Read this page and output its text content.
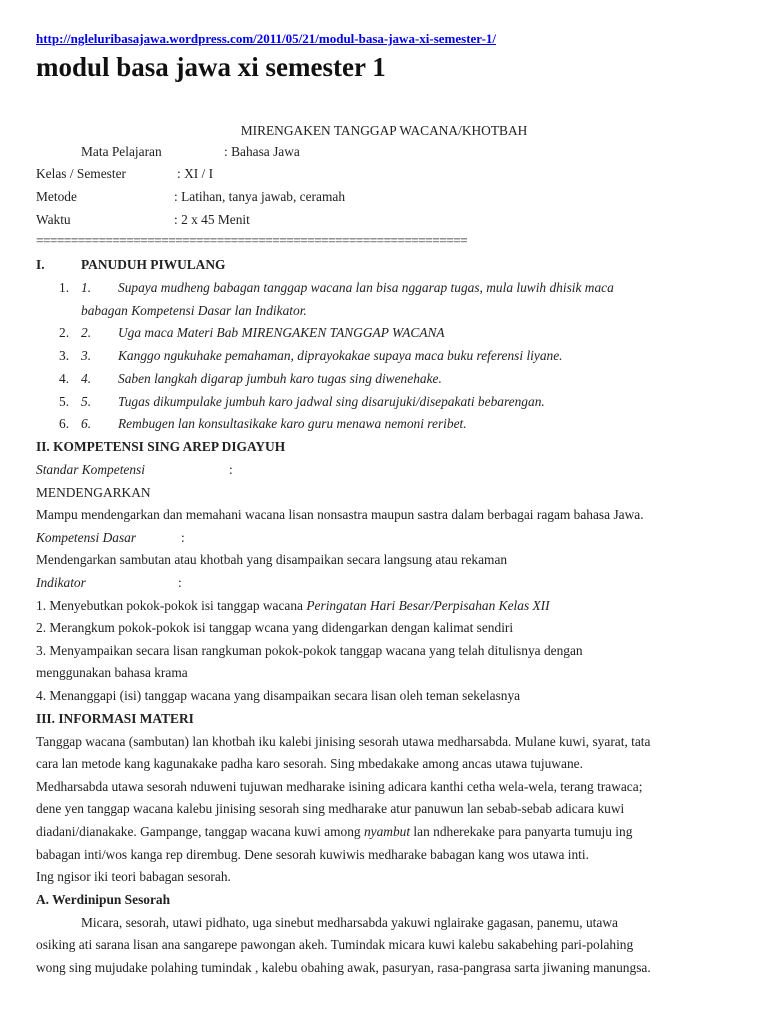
http://ngleluribasajawa.wordpress.com/2011/05/21/modul-basa-jawa-xi-semester-1/
modul basa jawa xi semester 1
MIRENGAKEN TANGGAP WACANA/KHOTBAH
Mata Pelajaran	: Bahasa Jawa
Kelas / Semester	: XI / I
Metode	: Latihan, tanya jawab, ceramah
Waktu	: 2 x 45 Menit
==============================================================
I.	PANUDUH PIWULANG
1. 1. Supaya mudheng babagan tanggap wacana lan bisa nggarap tugas, mula luwih dhisik maca
babagan Kompetensi Dasar lan Indikator.
2. 2. Uga maca Materi Bab MIRENGAKEN TANGGAP WACANA
3. 3. Kanggo ngukuhake pemahaman, diprayokakae supaya maca buku referensi liyane.
4. 4. Saben langkah digarap jumbuh karo tugas sing diwenehake.
5. 5. Tugas dikumpulake jumbuh karo jadwal sing disarujuki/disepakati bebarengan.
6. 6. Rembugen lan konsultasikake karo guru menawa nemoni reribet.
II. KOMPETENSI SING AREP DIGAYUH
Standar Kompetensi	:
MENDENGARKAN
Mampu mendengarkan dan memahani wacana lisan nonsastra maupun sastra dalam berbagai ragam bahasa Jawa.
Kompetensi Dasar	:
Mendengarkan sambutan atau khotbah yang disampaikan secara langsung atau rekaman
Indikator	:
1. Menyebutkan pokok-pokok isi tanggap wacana Peringatan Hari Besar/Perpisahan Kelas XII
2. Merangkum pokok-pokok isi tanggap wcana yang didengarkan dengan kalimat sendiri
3. Menyampaikan secara lisan rangkuman pokok-pokok tanggap wacana yang telah ditulisnya dengan
menggunakan bahasa krama
4. Menanggapi (isi) tanggap wacana yang disampaikan secara lisan oleh teman sekelasnya
III. INFORMASI MATERI
Tanggap wacana (sambutan) lan khotbah iku kalebi jinising sesorah utawa medharsabda. Mulane kuwi, syarat, tata
cara lan metode kang kagunakake padha karo sesorah. Sing mbedakake among ancas utawa tujuwane.
Medharsabda utawa sesorah nduweni tujuwan medharake isining adicara kanthi cetha wela-wela, terang trawaca;
dene yen tanggap wacana kalebu jinising sesorah sing medharake atur panuwun lan sebab-sebab adicara kuwi
diadani/dianakake. Gampange, tanggap wacana kuwi among nyambut lan ndherekake para panyarta tumuju ing
babagan inti/wos kanga rep dirembug. Dene sesorah kuwiwis medharake babagan kang wos utawa inti.
Ing ngisor iki teori babagan sesorah.
A. Werdinipun Sesorah
Micara, sesorah, utawi pidhato, uga sinebut medharsabda yakuwi nglairake gagasan, panemu, utawa
osiking ati sarana lisan ana sangarepe pawongan akeh. Tumindak micara kuwi kalebu sakabehing pari-polahing
wong sing mujudake polahing tumindak , kalebu obahing awak, pasuryan, rasa-pangrasa sarta jiwaning manungsa.
